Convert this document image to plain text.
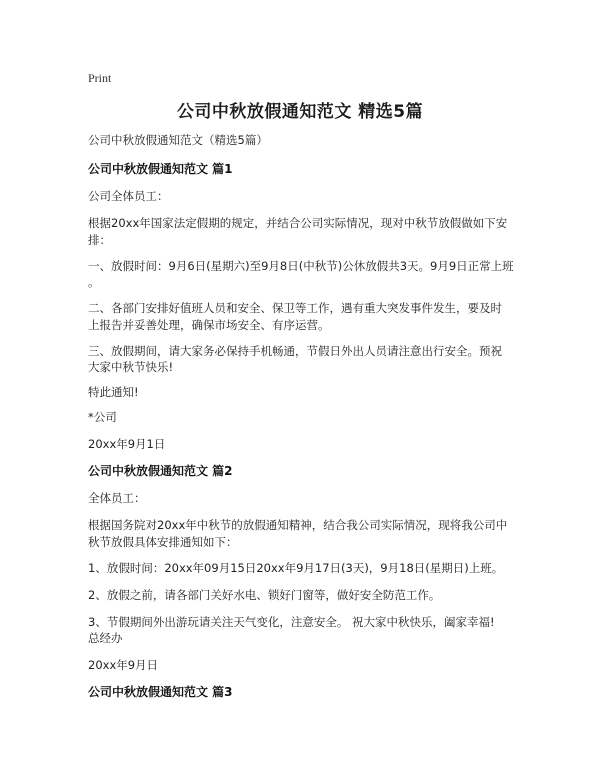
Print
公司中秋放假通知范文 精选5篇
公司中秋放假通知范文（精选5篇）
公司中秋放假通知范文 篇1
公司全体员工：
根据20xx年国家法定假期的规定，并结合公司实际情况，现对中秋节放假做如下安
排：
一、放假时间：9月6日(星期六)至9月8日(中秋节)公休放假共3天。9月9日正常上班
。
二、各部门安排好值班人员和安全、保卫等工作，遇有重大突发事件发生，要及时
上报告并妥善处理，确保市场安全、有序运营。
三、放假期间，请大家务必保持手机畅通，节假日外出人员请注意出行安全。预祝
大家中秋节快乐!
特此通知!
*公司
20xx年9月1日
公司中秋放假通知范文 篇2
全体员工：
根据国务院对20xx年中秋节的放假通知精神，结合我公司实际情况，现将我公司中
秋节放假具体安排通知如下：
1、放假时间：20xx年09月15日20xx年9月17日(3天)，9月18日(星期日)上班。
2、放假之前，请各部门关好水电、锁好门窗等，做好安全防范工作。
3、节假期间外出游玩请关注天气变化，注意安全。 祝大家中秋快乐，阖家幸福!
总经办
20xx年9月日
公司中秋放假通知范文 篇3
